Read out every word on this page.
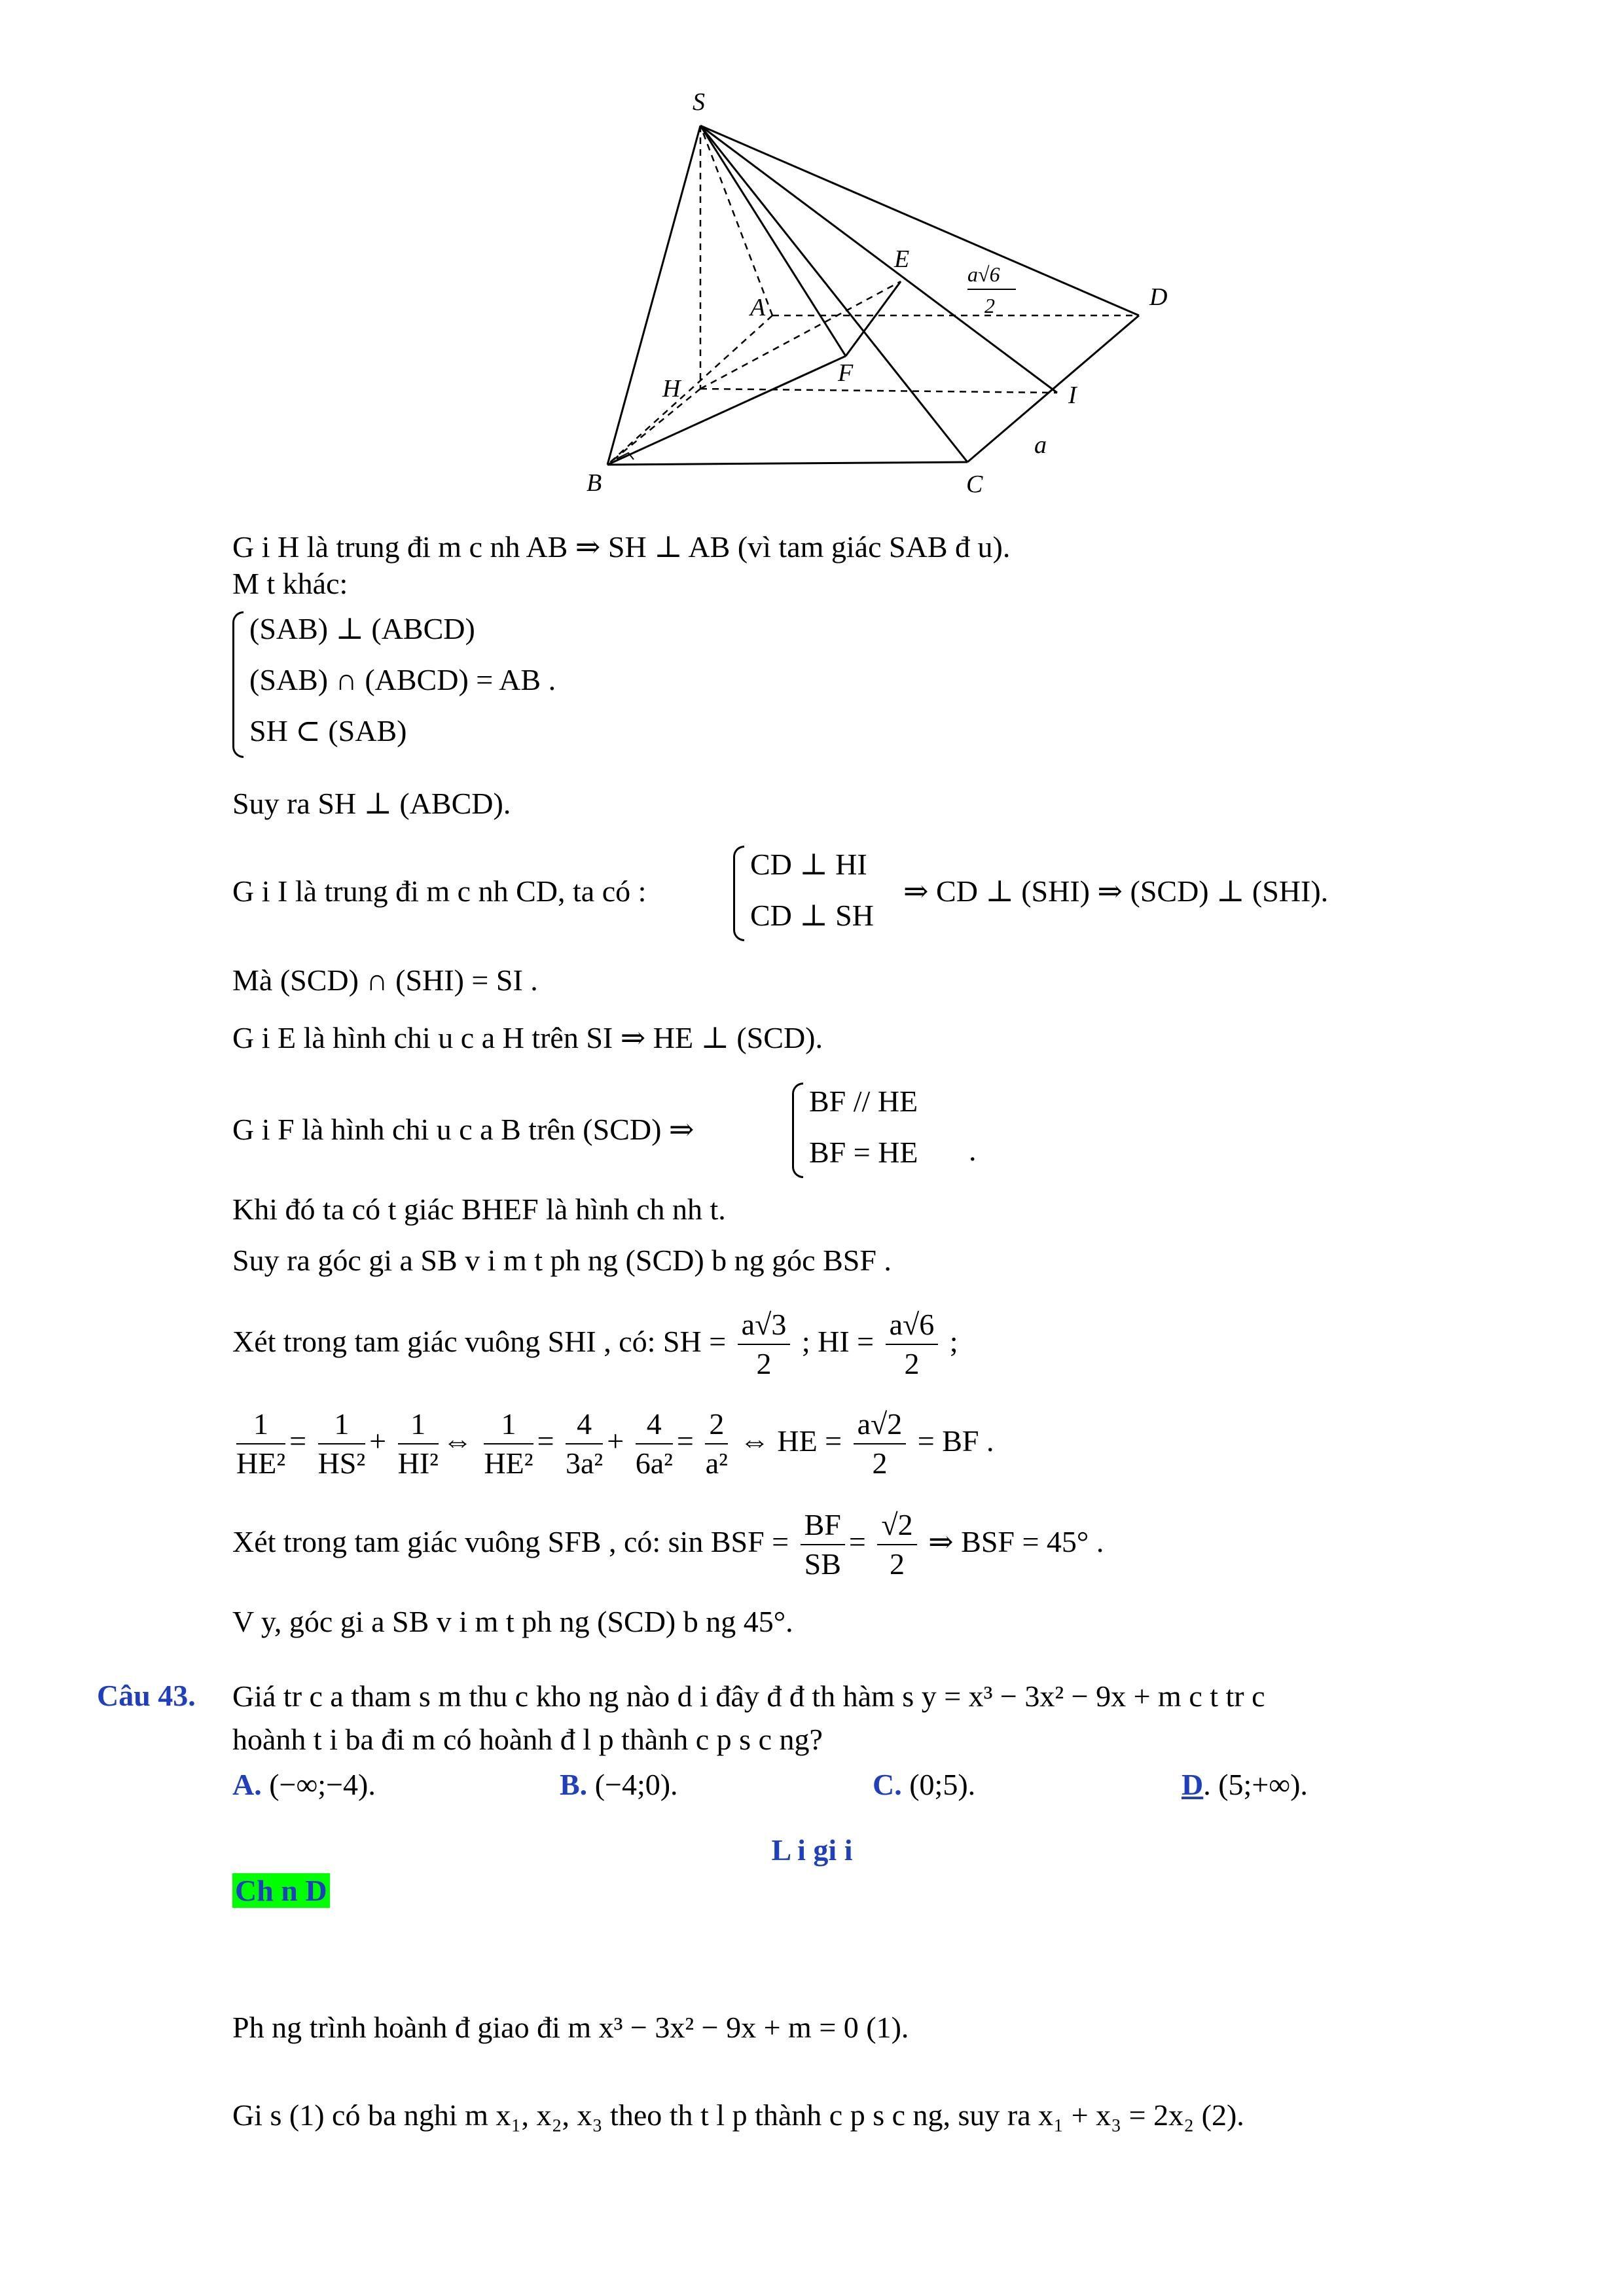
S
E
D
A
F
H	I
B	C
a
a√6
2
G i H là trung đi m c nh AB ⇒ SH ⊥ AB (vì tam giác SAB đ u).
M t khác:
(SAB) ⊥ (ABCD)
(SAB) ∩ (ABCD) = AB .
SH ⊂ (SAB)
Suy ra SH ⊥ (ABCD).
G i I là trung đi m c nh CD, ta có :
CD ⊥ HI
CD ⊥ SH
⇒ CD ⊥ (SHI) ⇒ (SCD) ⊥ (SHI).
Mà (SCD) ∩ (SHI) = SI .
G i E là hình chi u c a H trên SI ⇒ HE ⊥ (SCD).
G i F là hình chi u c a B trên (SCD) ⇒
BF // HE
BF = HE .
Khi đó ta có t giác BHEF là hình ch nh t.
Suy ra góc gi a SB v i m t ph ng (SCD) b ng góc BSF .
Xét trong tam giác vuông SHI , có: SH = $\frac{a√3}{2}$ ; HI = $\frac{a√6}{2}$ ;
$\frac{1}{\text{HE²}} = \frac{1}{\text{HS²}} + \frac{1}{\text{HI²}}$ ⇔ $\frac{1}{\text{HE²}} = \frac{4}{\text{3a²}} + \frac{4}{\text{6a²}} = \frac{2}{\text{a²}}$ ⇔ HE = $\frac{a√2}{2}$ = BF .
Xét trong tam giác vuông SFB , có: sin BSF = $\frac{BF}{SB} = \frac{√2}{2}$ ⇒ BSF = 45° .
V y, góc gi a SB v i m t ph ng (SCD) b ng 45°.
Câu 43. Giá tr c a tham s m thu c kho ng nào d i đây đ đ th hàm s y = x³ − 3x² − 9x + m c t tr c
hoành t i ba đi m có hoành đ l p thành c p s c ng?
A. (−∞;−4).	B. (−4;0).	C. (0;5).	D. (5;+∞).
L i gi i
Ch n D
Ph ng trình hoành đ giao đi m x³ − 3x² − 9x + m = 0 (1).
Gi s (1) có ba nghi m x₁, x₂, x₃ theo th t l p thành c p s c ng, suy ra x₁ + x₃ = 2x₂ (2).
